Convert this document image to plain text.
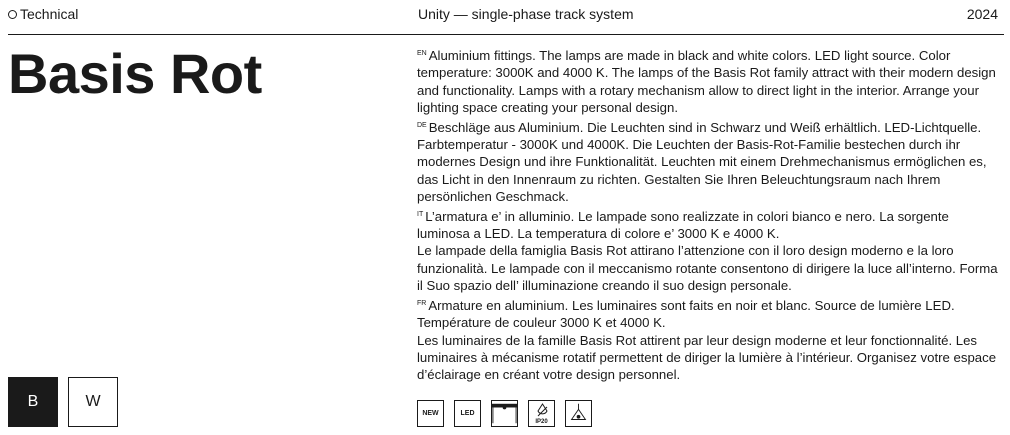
Technical	Unity — single-phase track system	2024
Basis Rot	$^{EN}$ Aluminium fittings. The lamps are made in black and white colors. LED light source. Color temperature: 3000K and 4000 K. The lamps of the Basis Rot family attract with their modern design and functionality. Lamps with a rotary mechanism allow to direct light in the interior. Arrange your lighting space creating your personal design.

$^{DE}$ Beschläge aus Aluminium. Die Leuchten sind in Schwarz und Weiß erhältlich. LED-Lichtquelle. Farbtemperatur - 3000K und 4000K. Die Leuchten der Basis-Rot-Familie bestechen durch ihr modernes Design und ihre Funktionalität. Leuchten mit einem Drehmechanismus ermöglichen es, das Licht in den Innenraum zu richten. Gestalten Sie Ihren Beleuchtungsraum nach Ihrem persönlichen Geschmack.

$^{IT}$ L’armatura e’ in alluminio. Le lampade sono realizzate in colori bianco e nero. La sorgente luminosa a LED. La temperatura di colore e’ 3000 K e 4000 K.

Le lampade della famiglia Basis Rot attirano l’attenzione con il loro design moderno e la loro funzionalità. Le lampade con il meccanismo rotante consentono di dirigere la luce all’interno. Forma il Suo spazio dell’ illuminazione creando il suo design personale.

$^{FR}$ Armature en aluminium. Les luminaires sont faits en noir et blanc. Source de lumière LED. Température de couleur 3000 K et 4000 K.

Les luminaires de la famille Basis Rot attirent par leur design moderne et leur fonctionnalité. Les luminaires à mécanisme rotatif permettent de diriger la lumière à l’intérieur. Organisez votre espace d’éclairage en créant votre design personnel.

B	W
NEW	LED
IP20
